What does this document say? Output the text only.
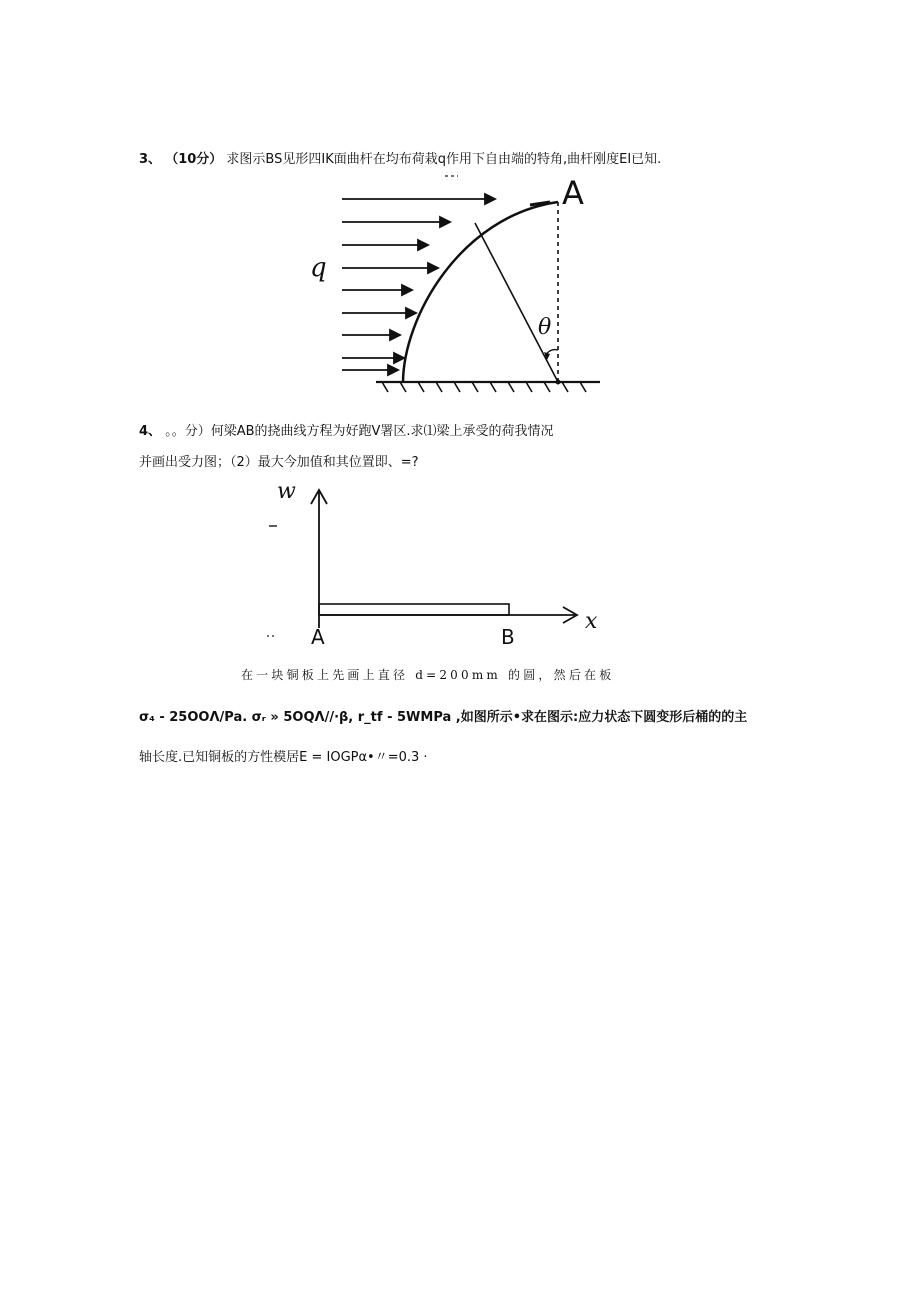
3、 （10分） 求图示BS见形四IK面曲杆在均布荷栽q作用下自由端的特角,曲杆刚度EI已知.
q
A
θ
4、 。。分）何梁AB的挠曲线方程为好跑V署区.求⑴梁上承受的荷我情况
并画出受力图；（2）最大今加值和其位置即、=?
w
A	B
x
在一块铜板上先画上直径 d=200mm 的圆，然后在板
σ₄ - 25OOΛ/Pa. σᵣ » 5OQΛ//·β, r_tf - 5WMPa ,如图所示•求在图示:应力状态下圆变形后桶的的主
轴长度.已知铜板的方性模居E = IOGPα•〃=0.3 ·
